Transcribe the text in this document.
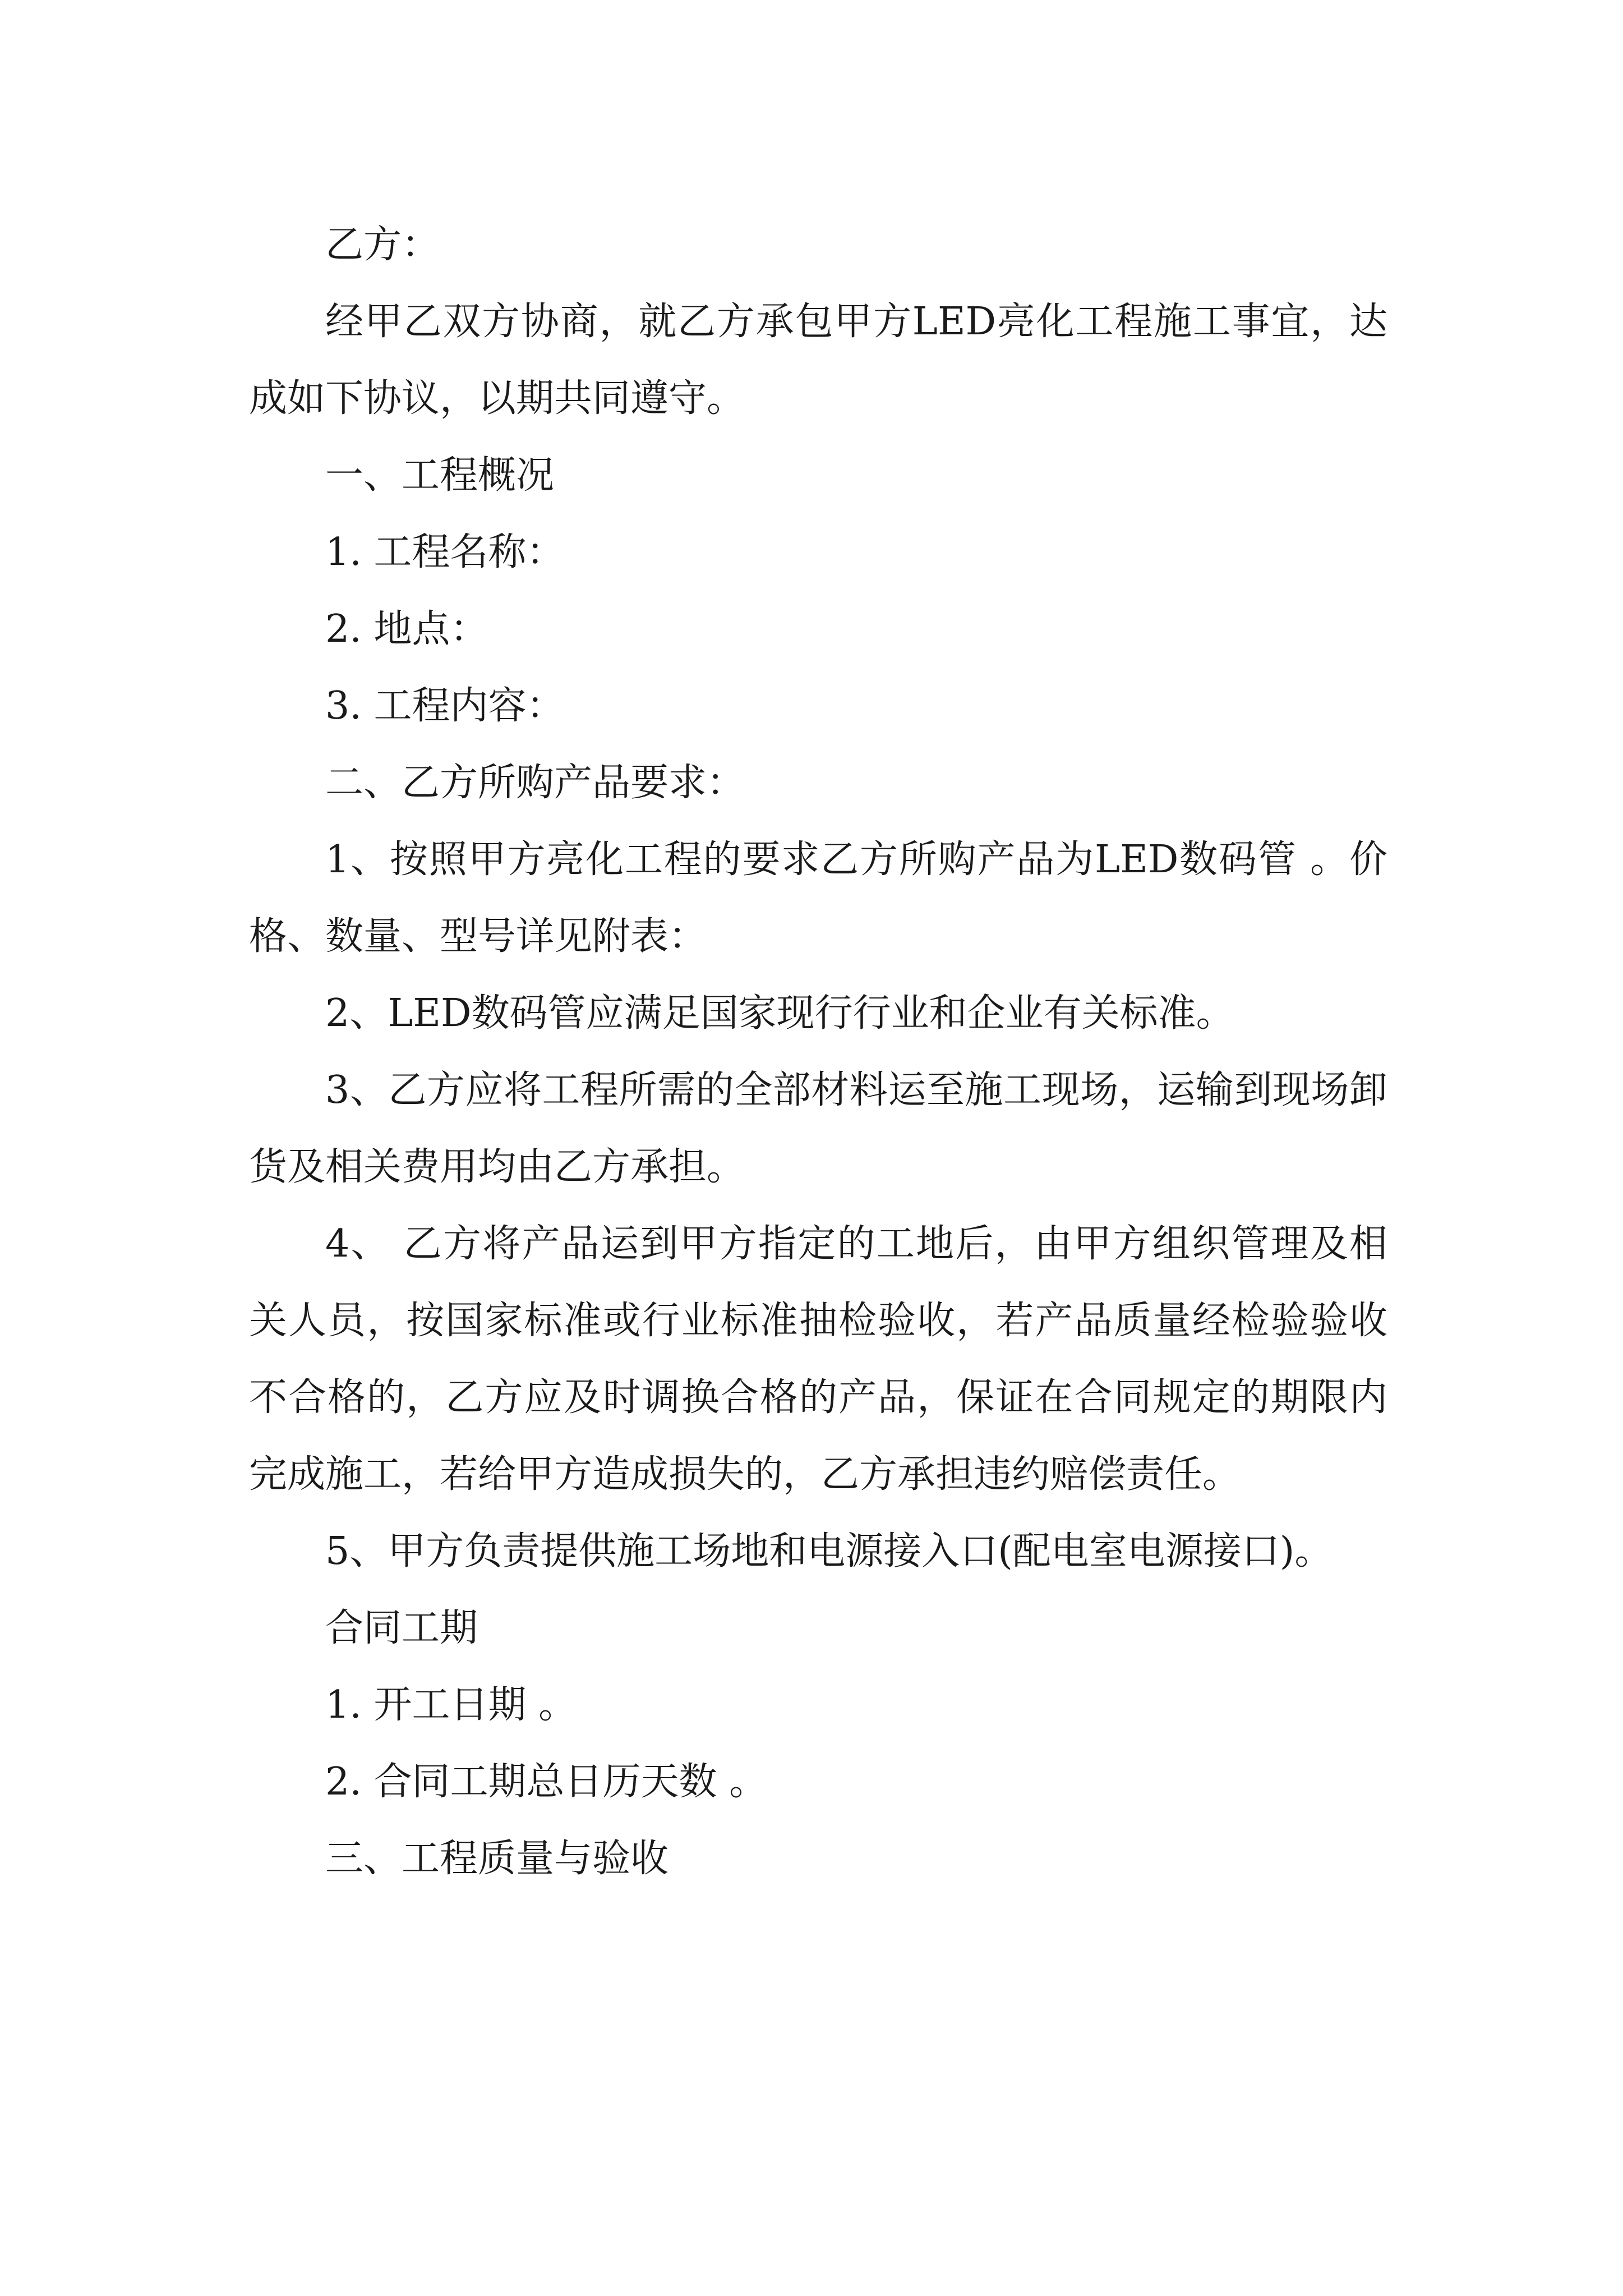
乙方：

经甲乙双方协商，就乙方承包甲方LED亮化工程施工事宜，达成如下协议，以期共同遵守。

一、工程概况

1. 工程名称：

2. 地点：

3. 工程内容：

二、乙方所购产品要求：

1、按照甲方亮化工程的要求乙方所购产品为LED数码管 。价格、数量、型号详见附表：

2、LED数码管应满足国家现行行业和企业有关标准。

3、乙方应将工程所需的全部材料运至施工现场，运输到现场卸货及相关费用均由乙方承担。

4、 乙方将产品运到甲方指定的工地后，由甲方组织管理及相关人员，按国家标准或行业标准抽检验收，若产品质量经检验验收不合格的，乙方应及时调换合格的产品，保证在合同规定的期限内完成施工，若给甲方造成损失的，乙方承担违约赔偿责任。

5、甲方负责提供施工场地和电源接入口(配电室电源接口)。

合同工期

1. 开工日期 。

2. 合同工期总日历天数 。

三、工程质量与验收
